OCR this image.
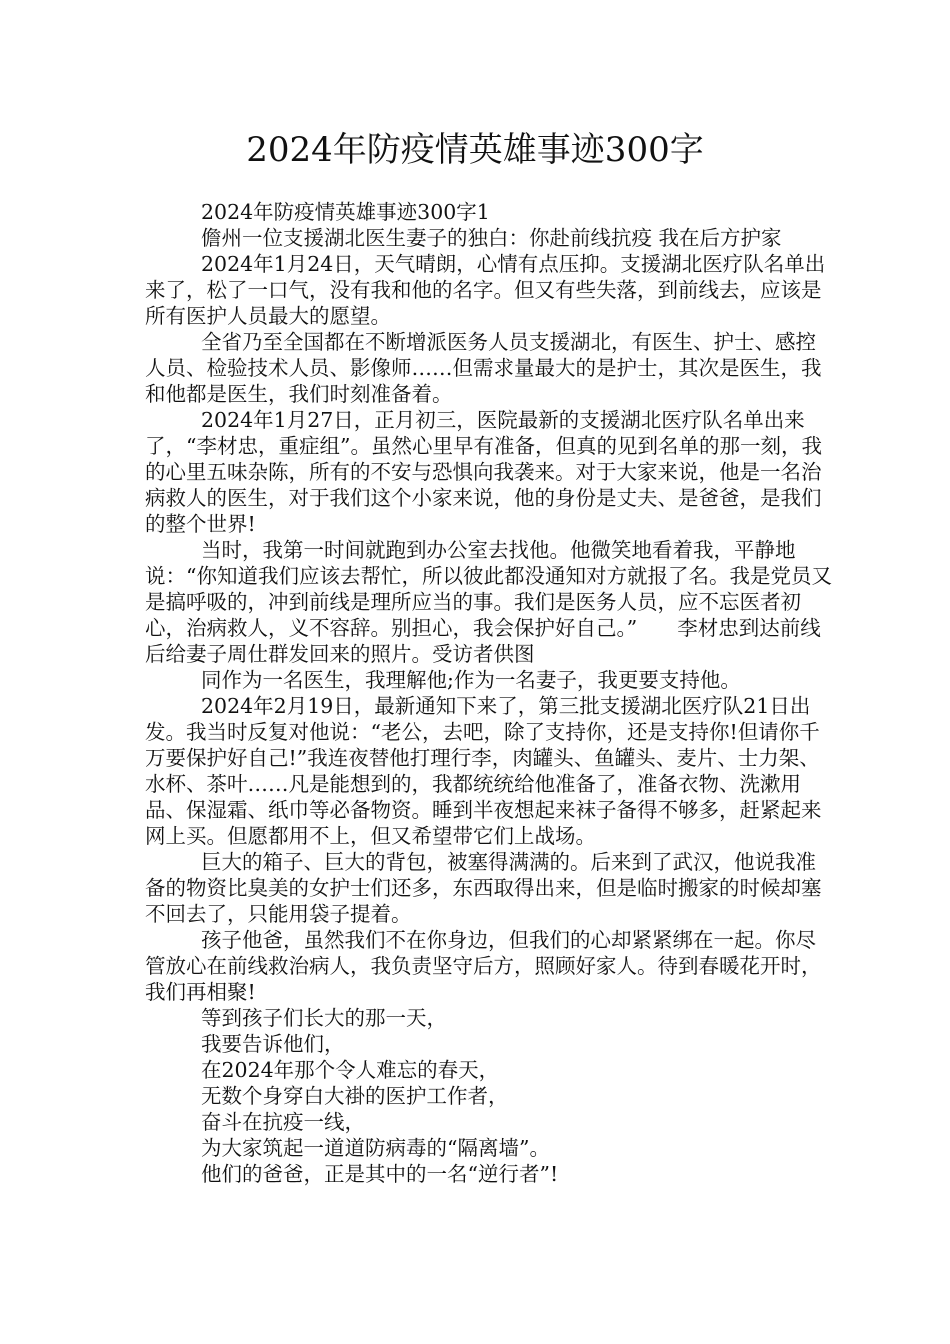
2024年防疫情英雄事迹300字

2024年防疫情英雄事迹300字1

儋州一位支援湖北医生妻子的独白：你赴前线抗疫 我在后方护家

2024年1月24日，天气晴朗，心情有点压抑。支援湖北医疗队名单出来了，松了一口气，没有我和他的名字。但又有些失落，到前线去，应该是所有医护人员最大的愿望。

全省乃至全国都在不断增派医务人员支援湖北，有医生、护士、感控人员、检验技术人员、影像师……但需求量最大的是护士，其次是医生，我和他都是医生，我们时刻准备着。

2024年1月27日，正月初三，医院最新的支援湖北医疗队名单出来了，“李材忠，重症组”。虽然心里早有准备，但真的见到名单的那一刻，我的心里五味杂陈，所有的不安与恐惧向我袭来。对于大家来说，他是一名治病救人的医生，对于我们这个小家来说，他的身份是丈夫、是爸爸，是我们的整个世界!

当时，我第一时间就跑到办公室去找他。他微笑地看着我，平静地说：“你知道我们应该去帮忙，所以彼此都没通知对方就报了名。我是党员又是搞呼吸的，冲到前线是理所应当的事。我们是医务人员，应不忘医者初心，治病救人，义不容辞。别担心，我会保护好自己。” 李材忠到达前线后给妻子周仕群发回来的照片。受访者供图

同作为一名医生，我理解他;作为一名妻子，我更要支持他。

2024年2月19日，最新通知下来了，第三批支援湖北医疗队21日出发。我当时反复对他说：“老公，去吧，除了支持你，还是支持你!但请你千万要保护好自己!”我连夜替他打理行李，肉罐头、鱼罐头、麦片、士力架、水杯、茶叶……凡是能想到的，我都统统给他准备了，准备衣物、洗漱用品、保湿霜、纸巾等必备物资。睡到半夜想起来袜子备得不够多，赶紧起来网上买。但愿都用不上，但又希望带它们上战场。

巨大的箱子、巨大的背包，被塞得满满的。后来到了武汉，他说我准备的物资比臭美的女护士们还多，东西取得出来，但是临时搬家的时候却塞不回去了，只能用袋子提着。

孩子他爸，虽然我们不在你身边，但我们的心却紧紧绑在一起。你尽管放心在前线救治病人，我负责坚守后方，照顾好家人。待到春暖花开时，我们再相聚!

等到孩子们长大的那一天，

我要告诉他们，

在2024年那个令人难忘的春天，

无数个身穿白大褂的医护工作者，

奋斗在抗疫一线，

为大家筑起一道道防病毒的“隔离墙”。

他们的爸爸，正是其中的一名“逆行者”!
